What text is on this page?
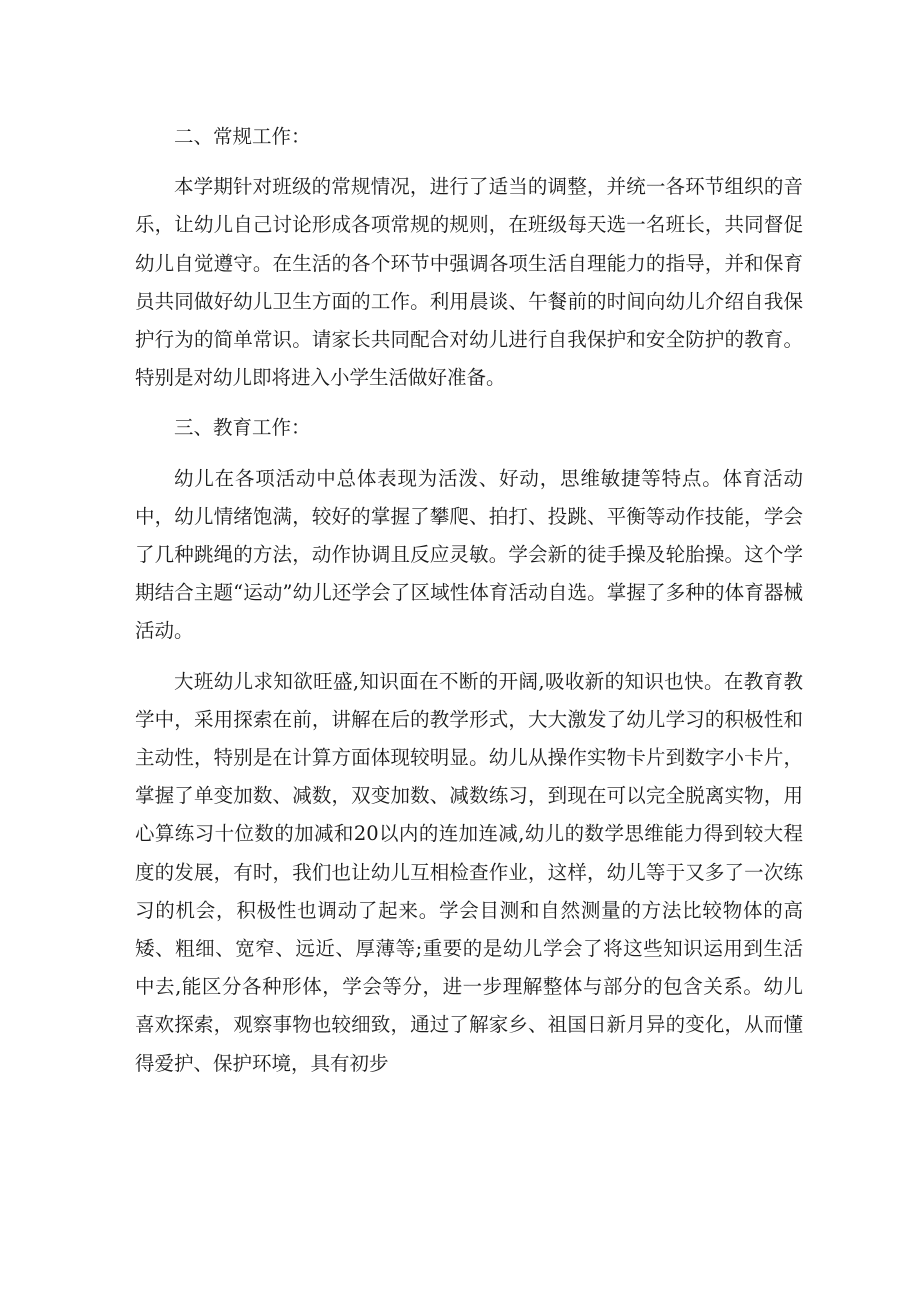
二、常规工作：

本学期针对班级的常规情况，进行了适当的调整，并统一各环节组织的音乐，让幼儿自己讨论形成各项常规的规则，在班级每天选一名班长，共同督促幼儿自觉遵守。在生活的各个环节中强调各项生活自理能力的指导，并和保育员共同做好幼儿卫生方面的工作。利用晨谈、午餐前的时间向幼儿介绍自我保护行为的简单常识。请家长共同配合对幼儿进行自我保护和安全防护的教育。特别是对幼儿即将进入小学生活做好准备。

三、教育工作：

幼儿在各项活动中总体表现为活泼、好动，思维敏捷等特点。体育活动中，幼儿情绪饱满，较好的掌握了攀爬、拍打、投跳、平衡等动作技能，学会了几种跳绳的方法，动作协调且反应灵敏。学会新的徒手操及轮胎操。这个学期结合主题“运动”幼儿还学会了区域性体育活动自选。掌握了多种的体育器械活动。

大班幼儿求知欲旺盛,知识面在不断的开阔,吸收新的知识也快。在教育教学中，采用探索在前，讲解在后的教学形式，大大激发了幼儿学习的积极性和主动性，特别是在计算方面体现较明显。幼儿从操作实物卡片到数字小卡片，掌握了单变加数、减数，双变加数、减数练习，到现在可以完全脱离实物，用心算练习十位数的加减和20以内的连加连减,幼儿的数学思维能力得到较大程度的发展，有时，我们也让幼儿互相检查作业，这样，幼儿等于又多了一次练习的机会，积极性也调动了起来。学会目测和自然测量的方法比较物体的高矮、粗细、宽窄、远近、厚薄等;重要的是幼儿学会了将这些知识运用到生活中去,能区分各种形体，学会等分，进一步理解整体与部分的包含关系。幼儿喜欢探索，观察事物也较细致，通过了解家乡、祖国日新月异的变化，从而懂得爱护、保护环境，具有初步
